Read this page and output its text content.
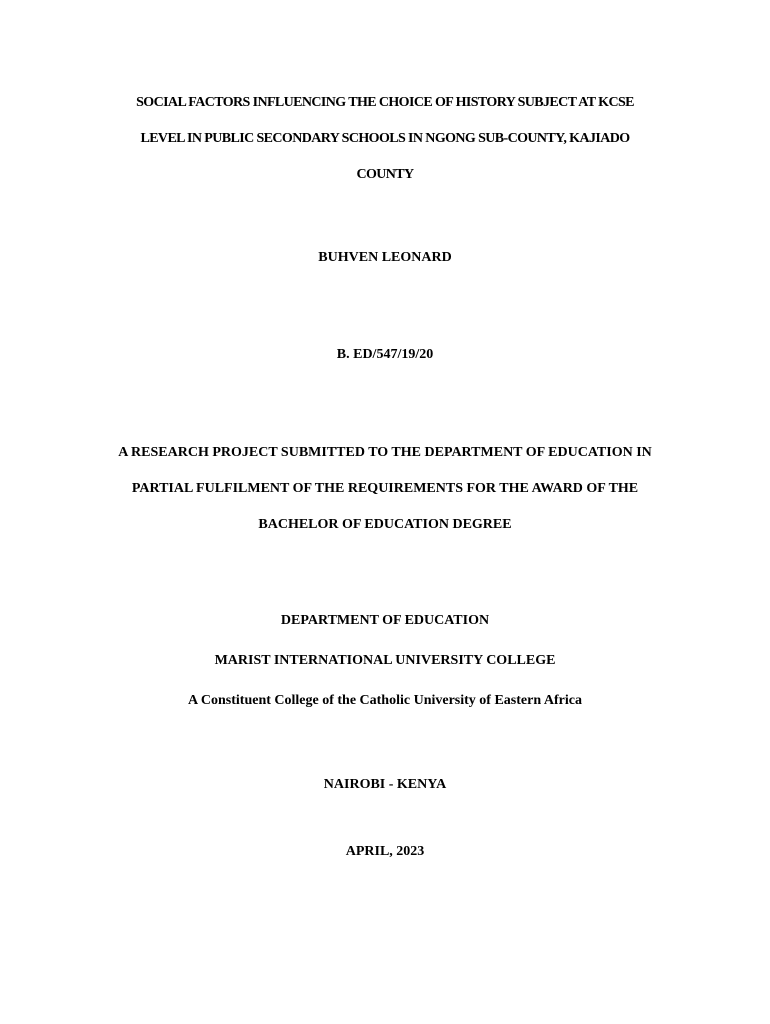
SOCIAL FACTORS INFLUENCING THE CHOICE OF HISTORY SUBJECT AT KCSE
LEVEL IN PUBLIC SECONDARY SCHOOLS IN NGONG SUB-COUNTY, KAJIADO
COUNTY
BUHVEN LEONARD
B. ED/547/19/20
A RESEARCH PROJECT SUBMITTED TO THE DEPARTMENT OF EDUCATION IN
PARTIAL FULFILMENT OF THE REQUIREMENTS FOR THE AWARD OF THE
BACHELOR OF EDUCATION DEGREE
DEPARTMENT OF EDUCATION
MARIST INTERNATIONAL UNIVERSITY COLLEGE
A Constituent College of the Catholic University of Eastern Africa
NAIROBI - KENYA
APRIL, 2023
